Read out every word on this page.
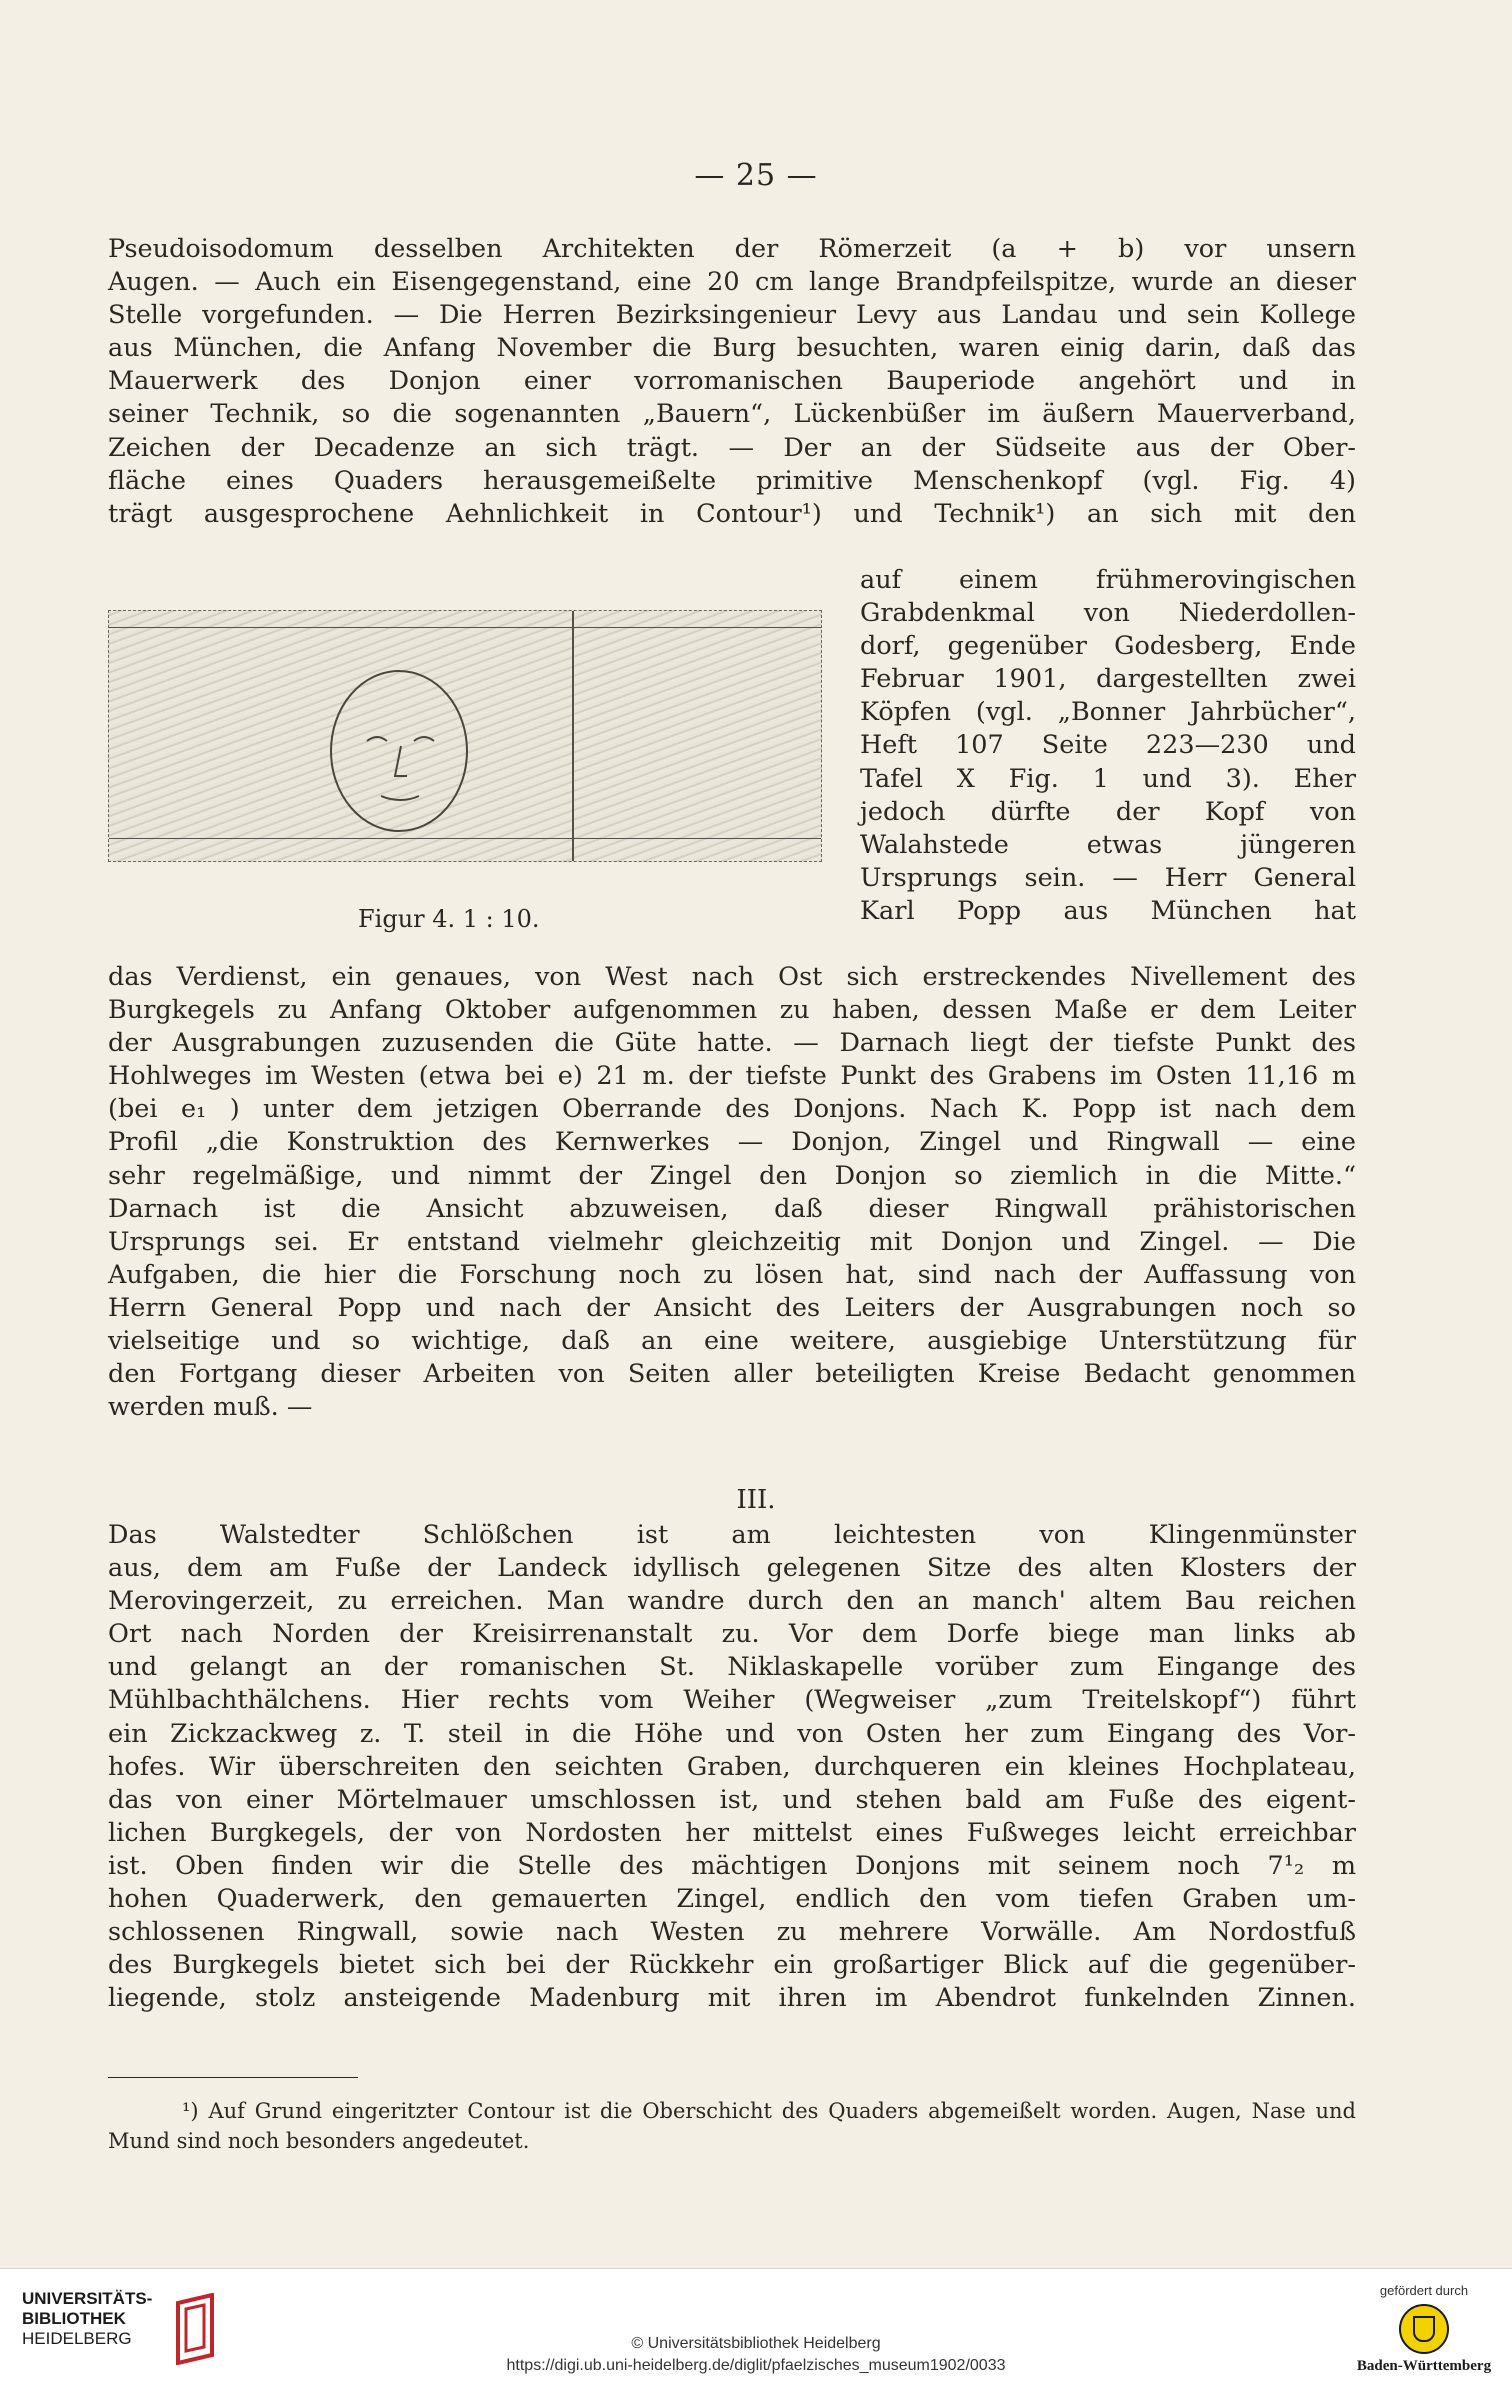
— 25 —
Pseudoisodomum desselben Architekten der Römerzeit (a + b) vor unsern
Augen. — Auch ein Eisengegenstand, eine 20 cm lange Brandpfeilspitze, wurde an dieser
Stelle vorgefunden. — Die Herren Bezirksingenieur Levy aus Landau und sein Kollege
aus München, die Anfang November die Burg besuchten, waren einig darin, daß das
Mauerwerk des Donjon einer vorromanischen Bauperiode angehört und in
seiner Technik, so die sogenannten „Bauern“, Lückenbüßer im äußern Mauerverband,
Zeichen der Decadenze an sich trägt. — Der an der Südseite aus der Ober-
fläche eines Quaders herausgemeißelte primitive Menschenkopf (vgl. Fig. 4)
trägt ausgesprochene Aehnlichkeit in Contour¹) und Technik¹) an sich mit den
Figur 4. 1 : 10.
auf einem frühmerovingischen
Grabdenkmal von Niederdollen-
dorf, gegenüber Godesberg, Ende
Februar 1901, dargestellten zwei
Köpfen (vgl. „Bonner Jahrbücher“,
Heft 107 Seite 223—230 und
Tafel X Fig. 1 und 3). Eher
jedoch dürfte der Kopf von
Walahstede etwas jüngeren
Ursprungs sein. — Herr General
Karl Popp aus München hat
das Verdienst, ein genaues, von West nach Ost sich erstreckendes Nivellement des
Burgkegels zu Anfang Oktober aufgenommen zu haben, dessen Maße er dem Leiter
der Ausgrabungen zuzusenden die Güte hatte. — Darnach liegt der tiefste Punkt des
Hohlweges im Westen (etwa bei e) 21 m. der tiefste Punkt des Grabens im Osten 11,16 m
(bei e₁ ) unter dem jetzigen Oberrande des Donjons. Nach K. Popp ist nach dem
Profil „die Konstruktion des Kernwerkes — Donjon, Zingel und Ringwall — eine
sehr regelmäßige, und nimmt der Zingel den Donjon so ziemlich in die Mitte.“
Darnach ist die Ansicht abzuweisen, daß dieser Ringwall prähistorischen
Ursprungs sei. Er entstand vielmehr gleichzeitig mit Donjon und Zingel. — Die
Aufgaben, die hier die Forschung noch zu lösen hat, sind nach der Auffassung von
Herrn General Popp und nach der Ansicht des Leiters der Ausgrabungen noch so
vielseitige und so wichtige, daß an eine weitere, ausgiebige Unterstützung für
den Fortgang dieser Arbeiten von Seiten aller beteiligten Kreise Bedacht genommen
werden muß. —
III.
Das Walstedter Schlößchen ist am leichtesten von Klingenmünster
aus, dem am Fuße der Landeck idyllisch gelegenen Sitze des alten Klosters der
Merovingerzeit, zu erreichen. Man wandre durch den an manch' altem Bau reichen
Ort nach Norden der Kreisirrenanstalt zu. Vor dem Dorfe biege man links ab
und gelangt an der romanischen St. Niklaskapelle vorüber zum Eingange des
Mühlbachthälchens. Hier rechts vom Weiher (Wegweiser „zum Treitelskopf“) führt
ein Zickzackweg z. T. steil in die Höhe und von Osten her zum Eingang des Vor-
hofes. Wir überschreiten den seichten Graben, durchqueren ein kleines Hochplateau,
das von einer Mörtelmauer umschlossen ist, und stehen bald am Fuße des eigent-
lichen Burgkegels, der von Nordosten her mittelst eines Fußweges leicht erreichbar
ist. Oben finden wir die Stelle des mächtigen Donjons mit seinem noch 7¹₂ m
hohen Quaderwerk, den gemauerten Zingel, endlich den vom tiefen Graben um-
schlossenen Ringwall, sowie nach Westen zu mehrere Vorwälle. Am Nordostfuß
des Burgkegels bietet sich bei der Rückkehr ein großartiger Blick auf die gegenüber-
liegende, stolz ansteigende Madenburg mit ihren im Abendrot funkelnden Zinnen.
¹) Auf Grund eingeritzter Contour ist die Oberschicht des Quaders abgemeißelt worden. Augen, Nase und Mund sind noch besonders angedeutet.
UNIVERSITÄTS-
BIBLIOTHEK
HEIDELBERG	© Universitätsbibliothek Heidelberg
https://digi.ub.uni-heidelberg.de/diglit/pfaelzisches_museum1902/0033
gefördert durch
Baden-Württemberg
